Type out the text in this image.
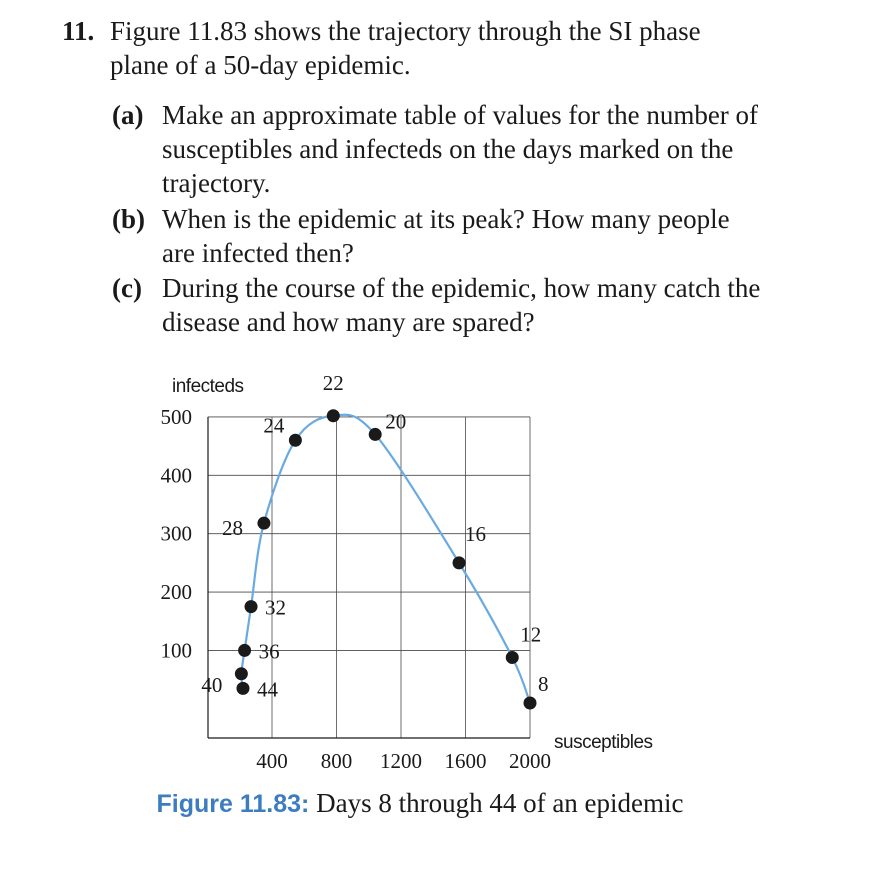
11. Figure 11.83 shows the trajectory through the SI phase plane of a 50-day epidemic.
(a) Make an approximate table of values for the number of susceptibles and infecteds on the days marked on the trajectory.
(b) When is the epidemic at its peak? How many people are infected then?
(c) During the course of the epidemic, how many catch the disease and how many are spared?
100
200
300
400
500
400 800 1200 1600 2000
8
12
16
20
22
24
28
32
36
40 44
infecteds
susceptibles
Figure 11.83: Days 8 through 44 of an epidemic
